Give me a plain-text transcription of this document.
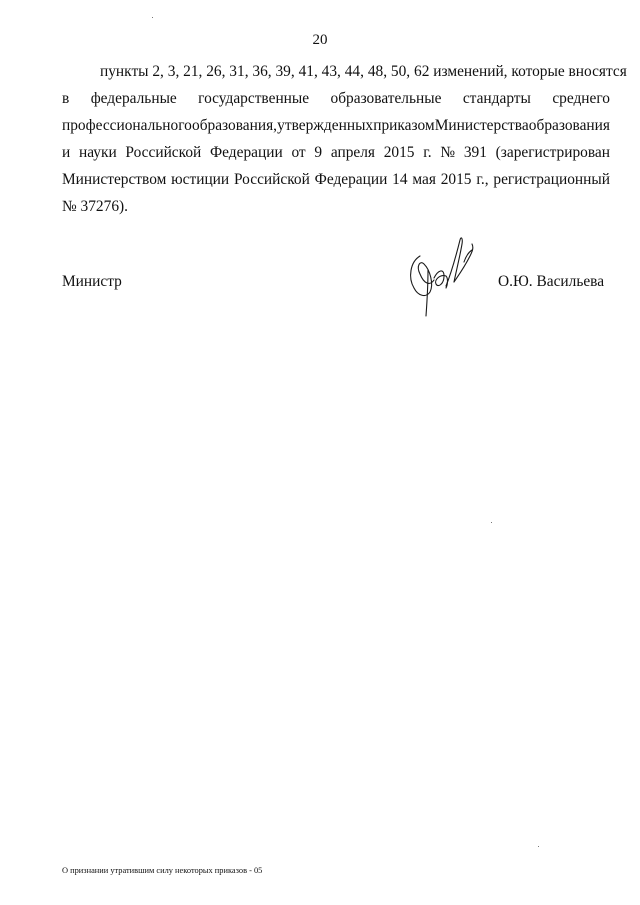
20
пункты 2, 3, 21, 26, 31, 36, 39, 41, 43, 44, 48, 50, 62 изменений, которые вносятся
в федеральные государственные образовательные стандарты среднего
профессионального образования, утвержденных приказом Министерства образования
и науки Российской Федерации от 9 апреля 2015 г. № 391 (зарегистрирован
Министерством юстиции Российской Федерации 14 мая 2015 г., регистрационный
№ 37276).
Министр	О.Ю. Васильева
О признании утратившим силу некоторых приказов - 05
